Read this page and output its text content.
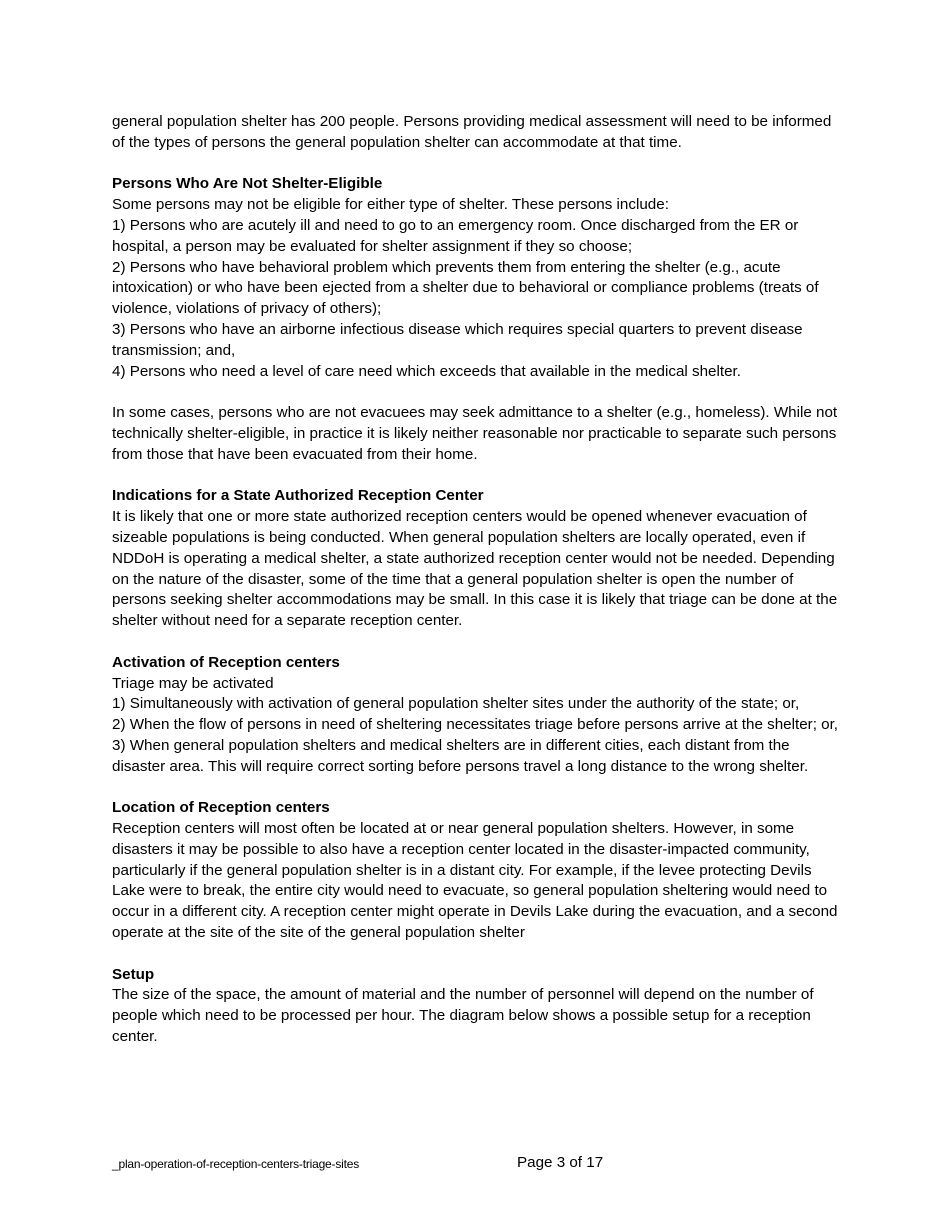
general population shelter has 200 people. Persons providing medical assessment will need to be informed of the types of persons the general population shelter can accommodate at that time.

Persons Who Are Not Shelter-Eligible

Some persons may not be eligible for either type of shelter. These persons include:

1) Persons who are acutely ill and need to go to an emergency room. Once discharged from the ER or hospital, a person may be evaluated for shelter assignment if they so choose;

2) Persons who have behavioral problem which prevents them from entering the shelter (e.g., acute intoxication) or who have been ejected from a shelter due to behavioral or compliance problems (treats of violence, violations of privacy of others);

3) Persons who have an airborne infectious disease which requires special quarters to prevent disease transmission; and,

4) Persons who need a level of care need which exceeds that available in the medical shelter.

In some cases, persons who are not evacuees may seek admittance to a shelter (e.g., homeless). While not technically shelter-eligible, in practice it is likely neither reasonable nor practicable to separate such persons from those that have been evacuated from their home.

Indications for a State Authorized Reception Center

It is likely that one or more state authorized reception centers would be opened whenever evacuation of sizeable populations is being conducted. When general population shelters are locally operated, even if NDDoH is operating a medical shelter, a state authorized reception center would not be needed. Depending on the nature of the disaster, some of the time that a general population shelter is open the number of persons seeking shelter accommodations may be small. In this case it is likely that triage can be done at the shelter without need for a separate reception center.

Activation of Reception centers

Triage may be activated

1) Simultaneously with activation of general population shelter sites under the authority of the state; or,

2) When the flow of persons in need of sheltering necessitates triage before persons arrive at the shelter; or,

3) When general population shelters and medical shelters are in different cities, each distant from the disaster area. This will require correct sorting before persons travel a long distance to the wrong shelter.

Location of Reception centers

Reception centers will most often be located at or near general population shelters. However, in some disasters it may be possible to also have a reception center located in the disaster-impacted community, particularly if the general population shelter is in a distant city. For example, if the levee protecting Devils Lake were to break, the entire city would need to evacuate, so general population sheltering would need to occur in a different city. A reception center might operate in Devils Lake during the evacuation, and a second operate at the site of the site of the general population shelter

Setup

The size of the space, the amount of material and the number of personnel will depend on the number of people which need to be processed per hour. The diagram below shows a possible setup for a reception center.

_plan-operation-of-reception-centers-triage-sites	Page 3 of 17
